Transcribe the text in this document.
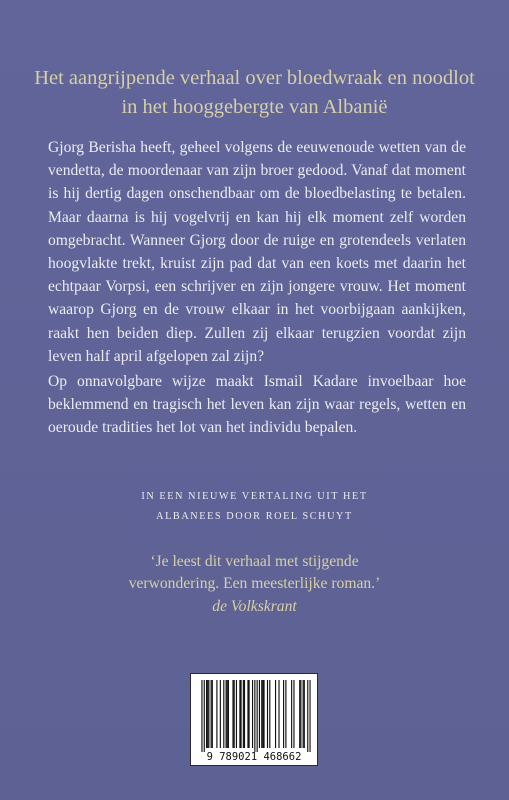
Het aangrijpende verhaal over bloedwraak en noodlot in het hooggebergte van Albanië

Gjorg Berisha heeft, geheel volgens de eeuwenoude wetten van de vendetta, de moordenaar van zijn broer gedood. Vanaf dat moment is hij dertig dagen onschendbaar om de bloedbelasting te betalen. Maar daarna is hij vogelvrij en kan hij elk moment zelf worden omgebracht. Wanneer Gjorg door de ruige en grotendeels verlaten hoogvlakte trekt, kruist zijn pad dat van een koets met daarin het echtpaar Vorpsi, een schrijver en zijn jongere vrouw. Het moment waarop Gjorg en de vrouw elkaar in het voorbijgaan aankijken, raakt hen beiden diep. Zullen zij elkaar terugzien voordat zijn leven half april afgelopen zal zijn?

Op onnavolgbare wijze maakt Ismail Kadare invoelbaar hoe beklemmend en tragisch het leven kan zijn waar regels, wetten en oeroude tradities het lot van het individu bepalen.

IN EEN NIEUWE VERTALING UIT HET
ALBANEES DOOR ROEL SCHUYT
‘Je leest dit verhaal met stijgende
verwondering. Een meesterlijke roman.’
de Volkskrant
9 789021 468662
